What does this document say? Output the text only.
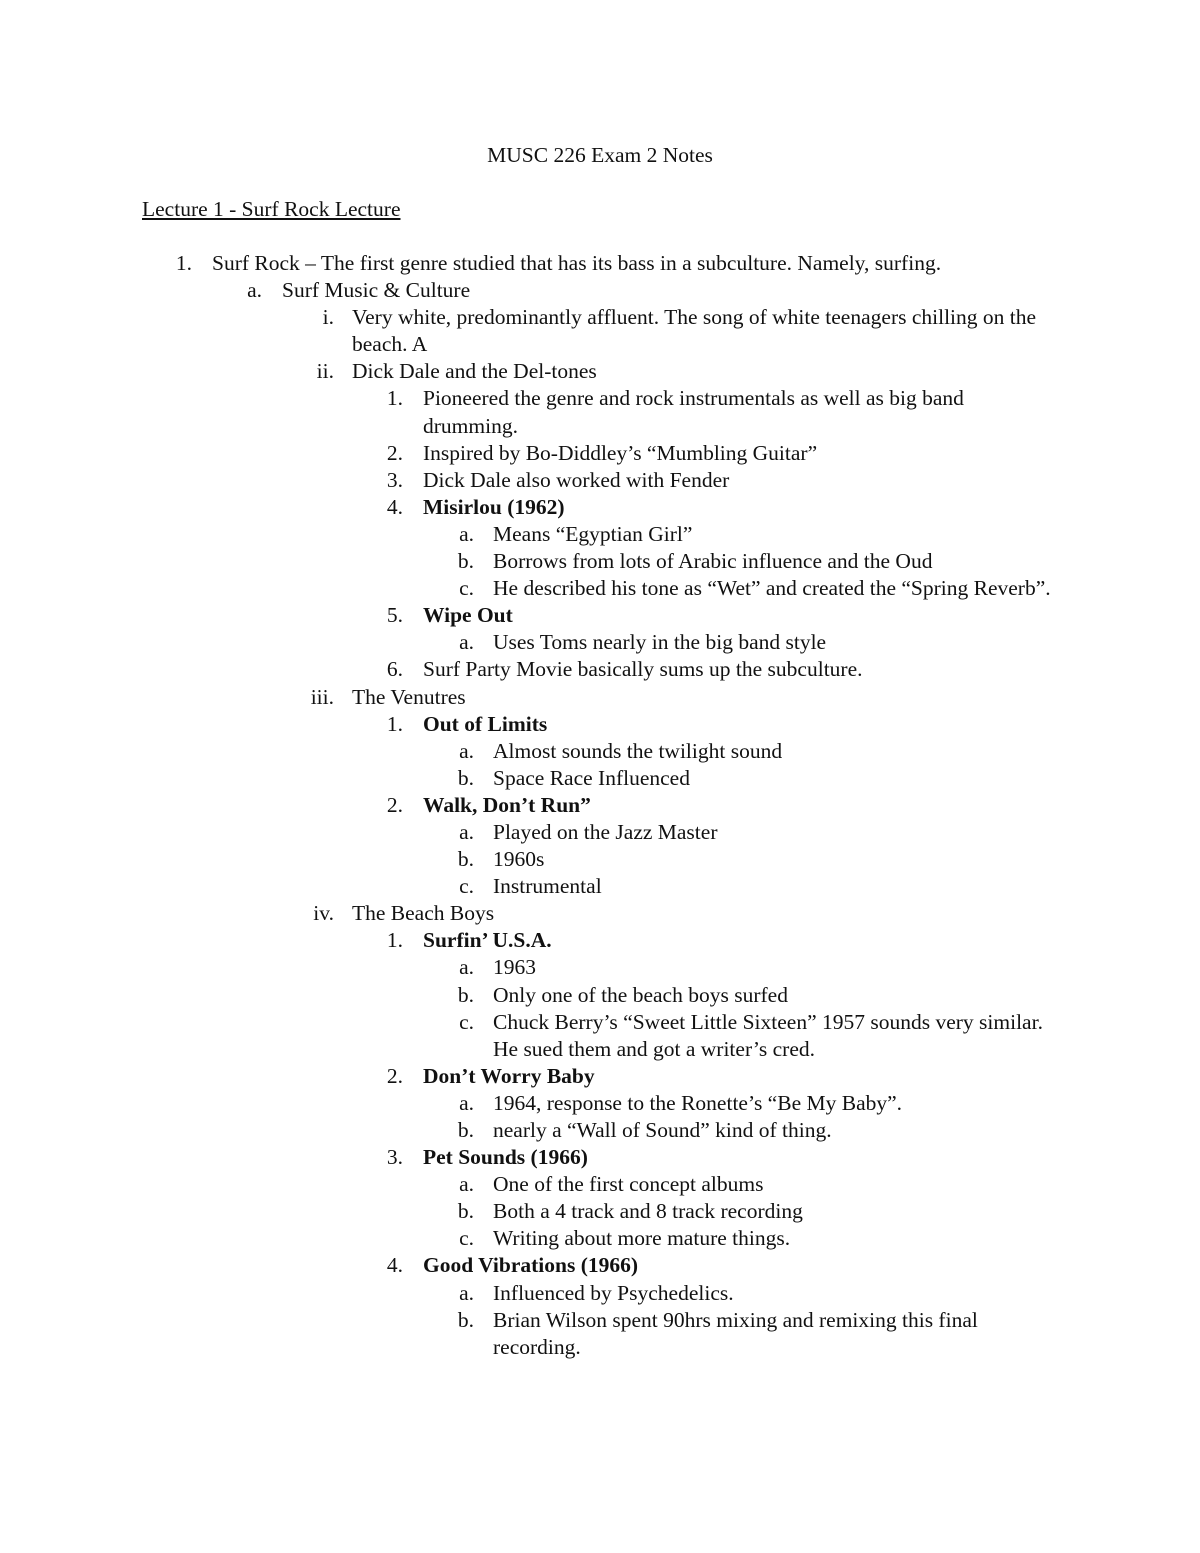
MUSC 226 Exam 2 Notes
Lecture 1 - Surf Rock Lecture
1. Surf Rock – The first genre studied that has its bass in a subculture. Namely, surfing.
a. Surf Music & Culture
i. Very white, predominantly affluent. The song of white teenagers chilling on the beach. A
ii. Dick Dale and the Del-tones
1. Pioneered the genre and rock instrumentals as well as big band drumming.
2. Inspired by Bo-Diddley’s “Mumbling Guitar”
3. Dick Dale also worked with Fender
4. Misirlou (1962)
a. Means “Egyptian Girl”
b. Borrows from lots of Arabic influence and the Oud
c. He described his tone as “Wet” and created the “Spring Reverb”.
5. Wipe Out
a. Uses Toms nearly in the big band style
6. Surf Party Movie basically sums up the subculture.
iii. The Venutres
1. Out of Limits
a. Almost sounds the twilight sound
b. Space Race Influenced
2. Walk, Don’t Run”
a. Played on the Jazz Master
b. 1960s
c. Instrumental
iv. The Beach Boys
1. Surfin’ U.S.A.
a. 1963
b. Only one of the beach boys surfed
c. Chuck Berry’s “Sweet Little Sixteen” 1957 sounds very similar. He sued them and got a writer’s cred.
2. Don’t Worry Baby
a. 1964, response to the Ronette’s “Be My Baby”.
b. nearly a “Wall of Sound” kind of thing.
3. Pet Sounds (1966)
a. One of the first concept albums
b. Both a 4 track and 8 track recording
c. Writing about more mature things.
4. Good Vibrations (1966)
a. Influenced by Psychedelics.
b. Brian Wilson spent 90hrs mixing and remixing this final recording.
